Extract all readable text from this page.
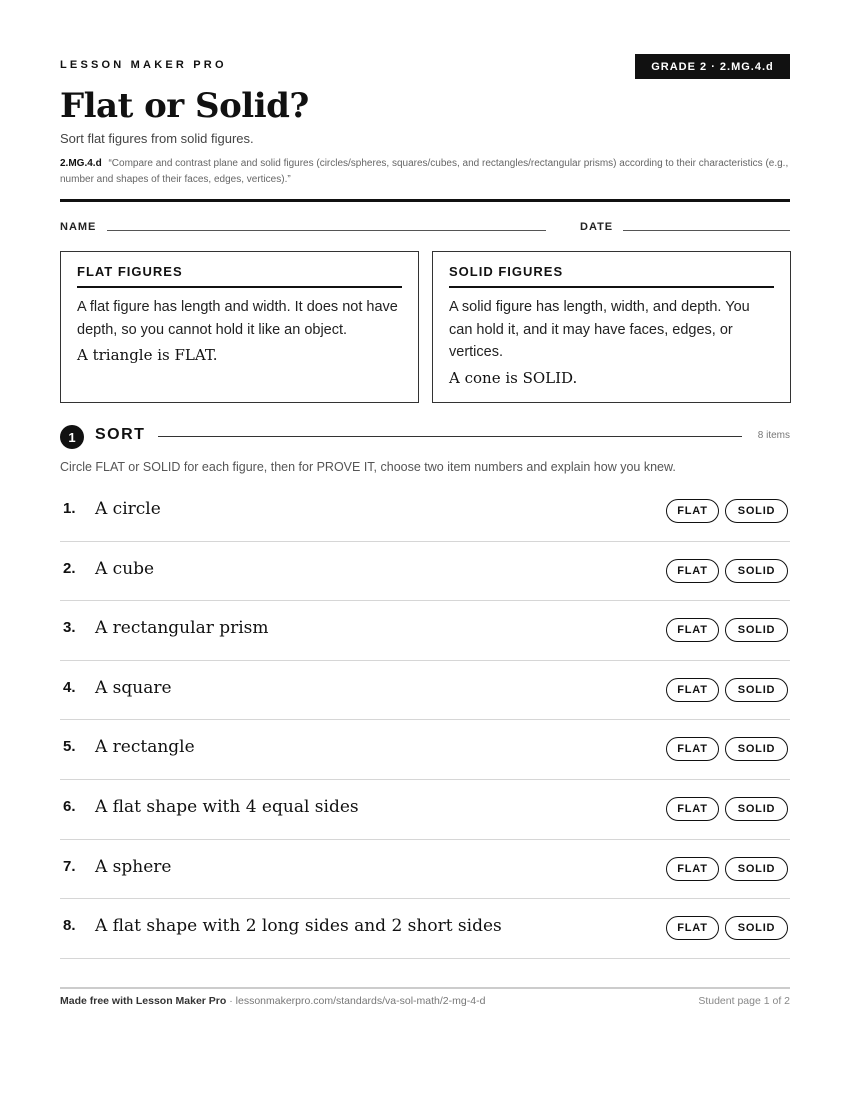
LESSON MAKER PRO	GRADE 2 · 2.MG.4.d
Flat or Solid?
Sort flat figures from solid figures.
2.MG.4.d “Compare and contrast plane and solid figures (circles/spheres, squares/cubes, and rectangles/rectangular prisms) according to their characteristics (e.g., number and shapes of their faces, edges, vertices).”
NAME	DATE
FLAT FIGURES
A flat figure has length and width. It does not have depth, so you cannot hold it like an object.
A triangle is FLAT.
SOLID FIGURES
A solid figure has length, width, and depth. You can hold it, and it may have faces, edges, or vertices.
A cone is SOLID.
1	SORT	8 items
Circle FLAT or SOLID for each figure, then for PROVE IT, choose two item numbers and explain how you knew.
1. A circle	FLAT	SOLID
2. A cube	FLAT	SOLID
3. A rectangular prism	FLAT	SOLID
4. A square	FLAT	SOLID
5. A rectangle	FLAT	SOLID
6. A flat shape with 4 equal sides	FLAT	SOLID
7. A sphere	FLAT	SOLID
8. A flat shape with 2 long sides and 2 short sides	FLAT	SOLID
Made free with Lesson Maker Pro · lessonmakerpro.com/standards/va-sol-math/2-mg-4-d	Student page 1 of 2
